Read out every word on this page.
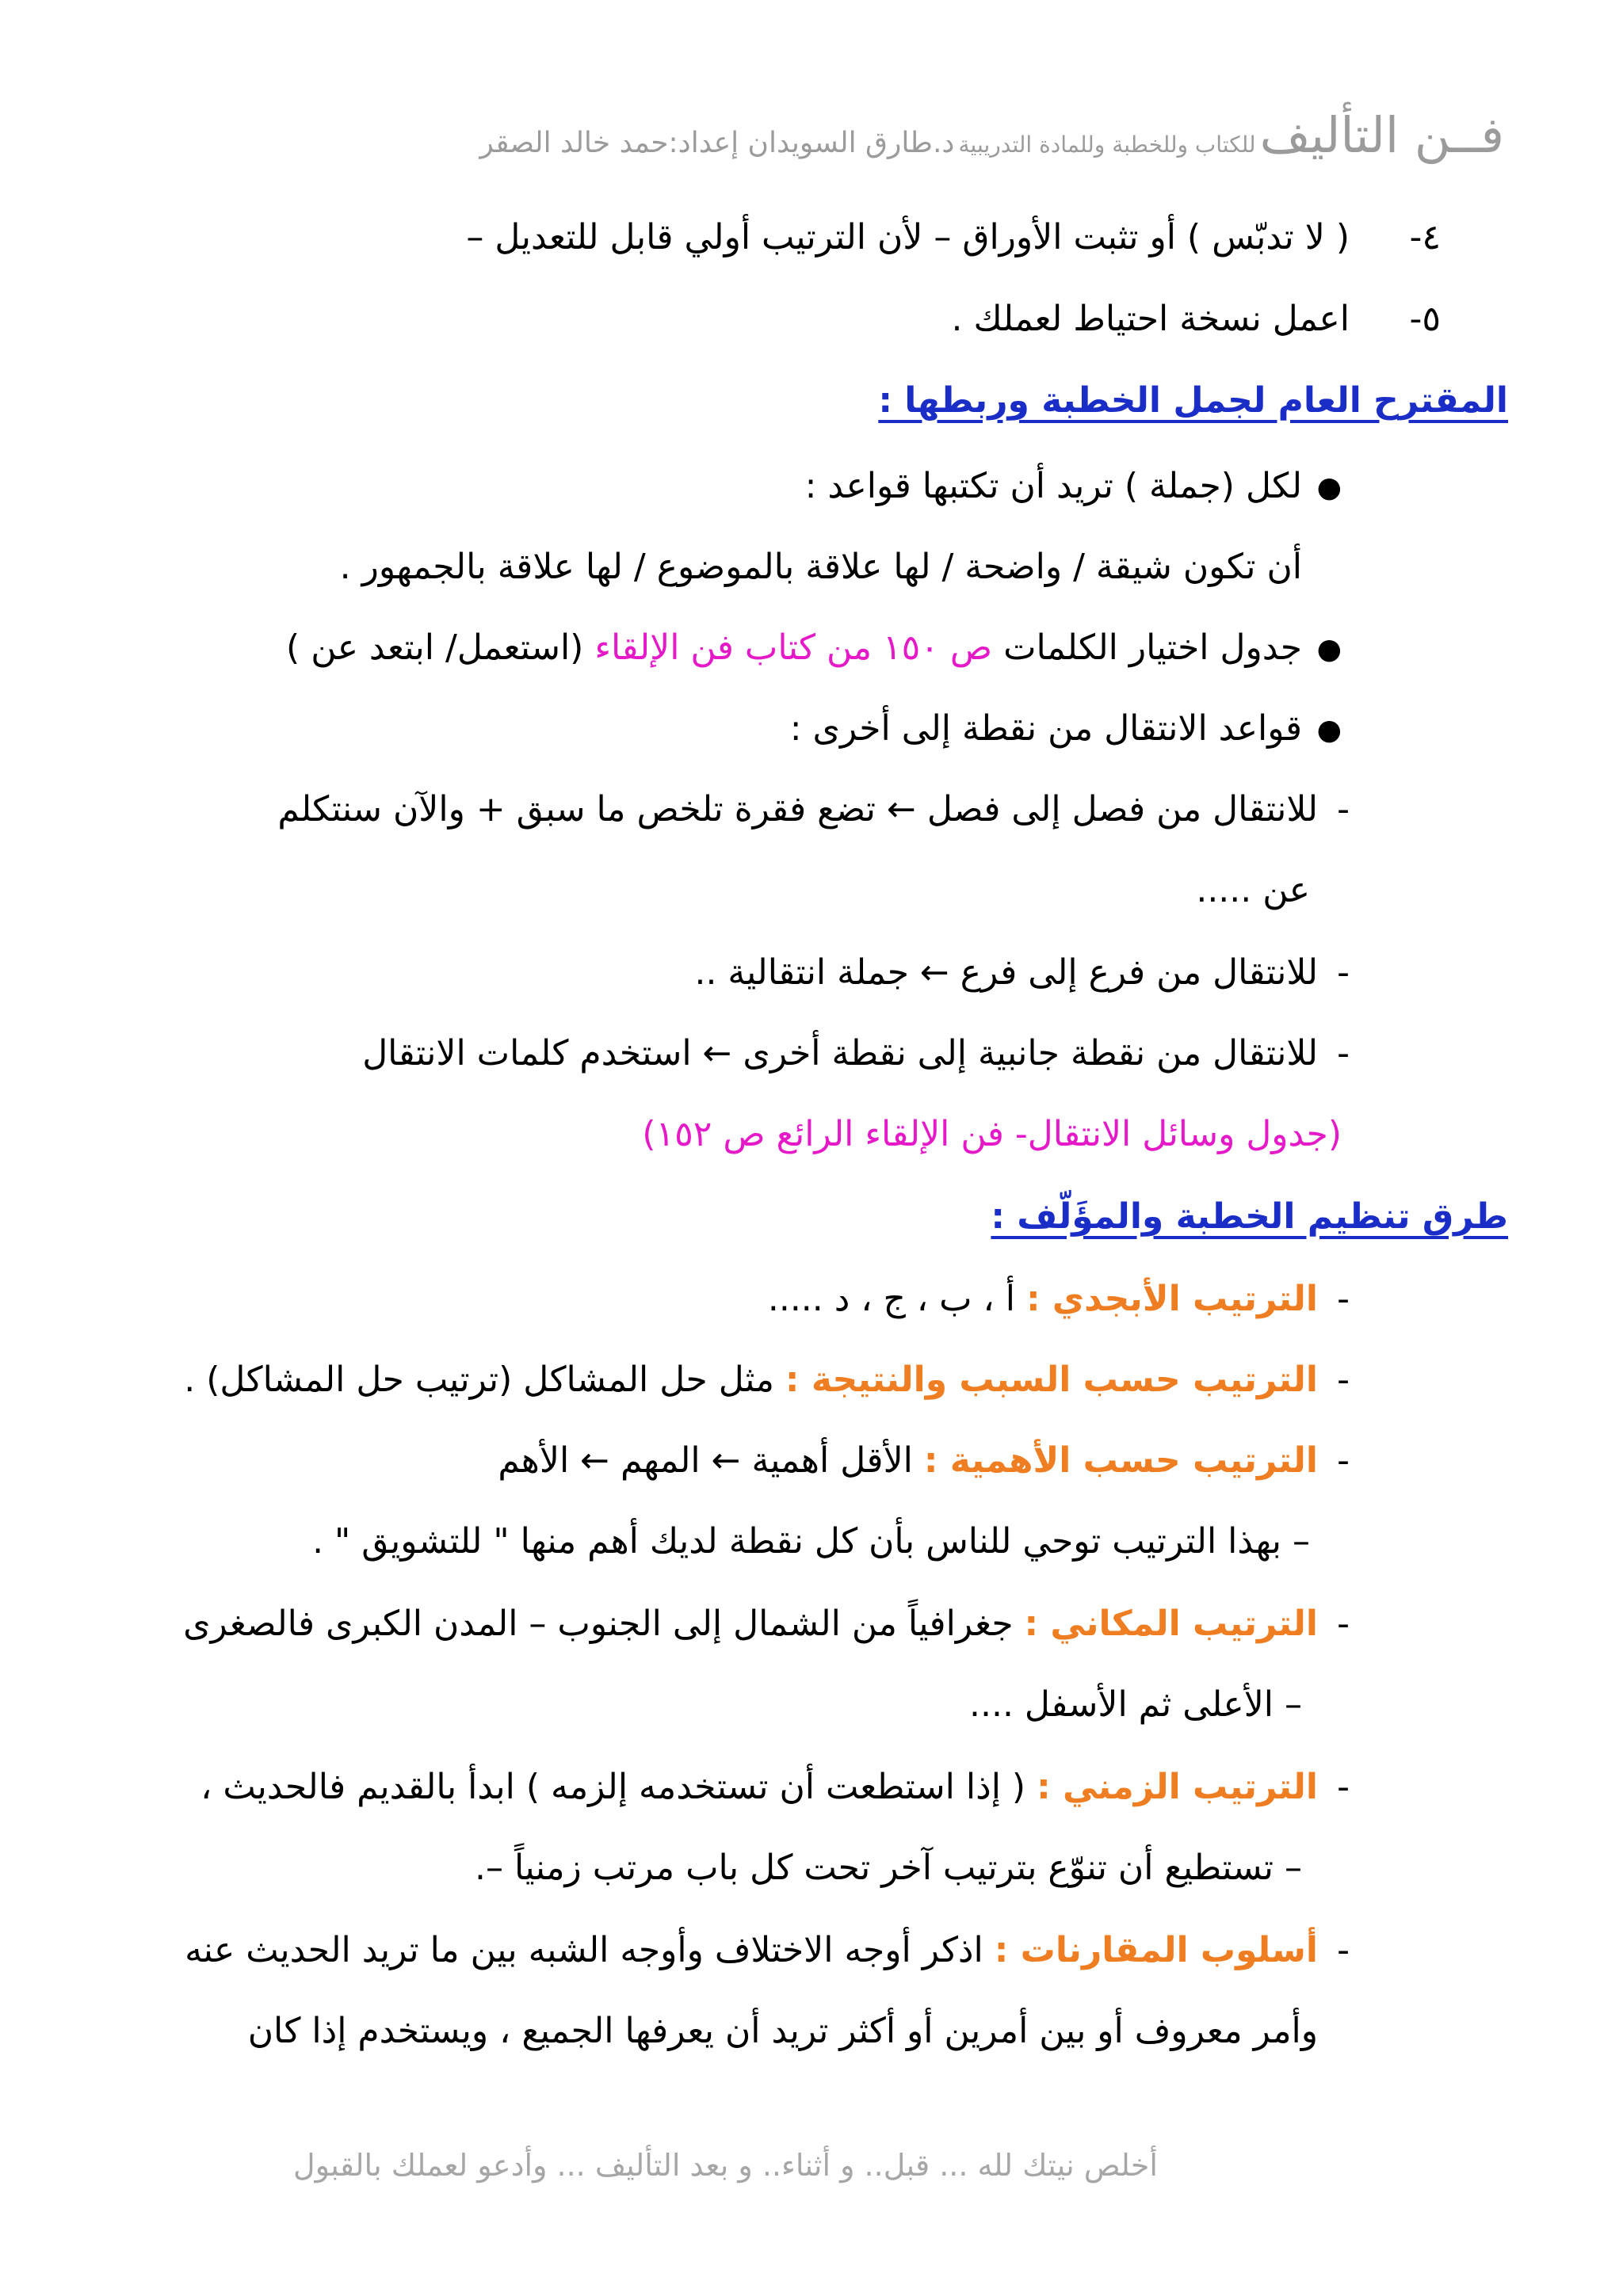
فــن التأليف للكتاب وللخطبة وللمادة التدريبية د.طارق السويدان إعداد:حمد خالد الصقر
٤-
( لا تدبّس ) أو تثبت الأوراق – لأن الترتيب أولي قابل للتعديل –
٥-
اعمل نسخة احتياط لعملك .
المقترح العام لجمل الخطبة وربطها :
●
لكل (جملة ) تريد أن تكتبها قواعد :
أن تكون شيقة / واضحة / لها علاقة بالموضوع / لها علاقة بالجمهور .
●
جدول اختيار الكلمات ص ١٥٠ من كتاب فن الإلقاء (استعمل/ ابتعد عن )
●
قواعد الانتقال من نقطة إلى أخرى :
-
للانتقال من فصل إلى فصل ← تضع فقرة تلخص ما سبق + والآن سنتكلم
عن .....
-
للانتقال من فرع إلى فرع ← جملة انتقالية ..
-
للانتقال من نقطة جانبية إلى نقطة أخرى ← استخدم كلمات الانتقال
(جدول وسائل الانتقال- فن الإلقاء الرائع ص ١٥٢)
طرق تنظيم الخطبة والمؤَلّف :
-
الترتيب الأبجدي : أ ، ب ، ج ، د .....
-
الترتيب حسب السبب والنتيجة : مثل حل المشاكل (ترتيب حل المشاكل) .
-
الترتيب حسب الأهمية : الأقل أهمية ← المهم ← الأهم
– بهذا الترتيب توحي للناس بأن كل نقطة لديك أهم منها " للتشويق " .
-
الترتيب المكاني : جغرافياً من الشمال إلى الجنوب – المدن الكبرى فالصغرى
– الأعلى ثم الأسفل ....
-
الترتيب الزمني : ( إذا استطعت أن تستخدمه إلزمه ) ابدأ بالقديم فالحديث ،
– تستطيع أن تنوّع بترتيب آخر تحت كل باب مرتب زمنياً –.
-
أسلوب المقارنات : اذكر أوجه الاختلاف وأوجه الشبه بين ما تريد الحديث عنه
وأمر معروف أو بين أمرين أو أكثر تريد أن يعرفها الجميع ، ويستخدم إذا كان
أخلص نيتك لله ... قبل.. و أثناء.. و بعد التأليف ... وأدعو لعملك بالقبول
